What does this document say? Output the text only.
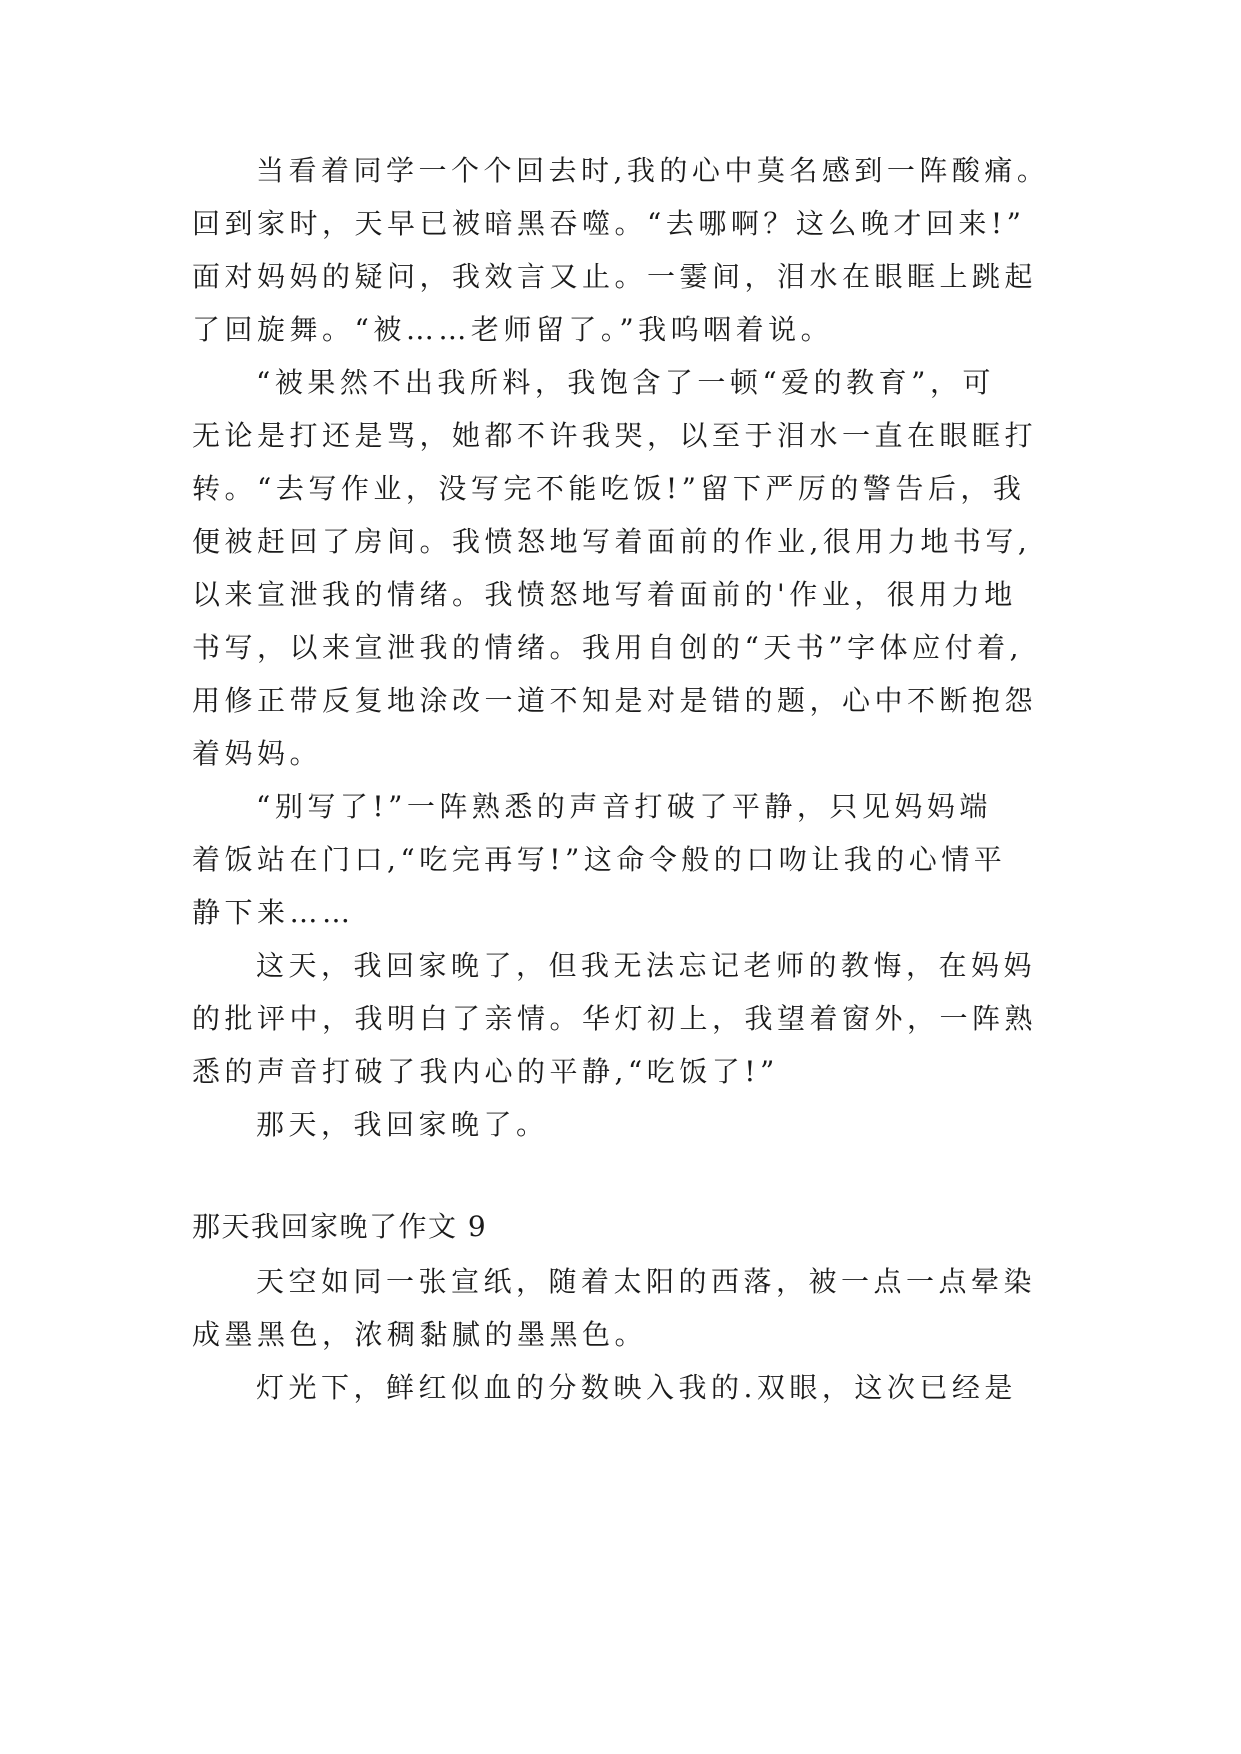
当看着同学一个个回去时,我的心中莫名感到一阵酸痛。

回到家时，天早已被暗黑吞噬。“去哪啊？这么晚才回来!”

面对妈妈的疑问，我效言又止。一霎间，泪水在眼眶上跳起

了回旋舞。“被……老师留了。”我呜咽着说。

“被果然不出我所料，我饱含了一顿“爱的教育”，可

无论是打还是骂，她都不许我哭，以至于泪水一直在眼眶打

转。“去写作业，没写完不能吃饭!”留下严厉的警告后，我

便被赶回了房间。我愤怒地写着面前的作业,很用力地书写,

以来宣泄我的情绪。我愤怒地写着面前的'作业，很用力地

书写，以来宣泄我的情绪。我用自创的“天书”字体应付着,

用修正带反复地涂改一道不知是对是错的题，心中不断抱怨

着妈妈。

“别写了!”一阵熟悉的声音打破了平静，只见妈妈端

着饭站在门口,“吃完再写!”这命令般的口吻让我的心情平

静下来……

这天，我回家晚了，但我无法忘记老师的教悔，在妈妈

的批评中，我明白了亲情。华灯初上，我望着窗外，一阵熟

悉的声音打破了我内心的平静,“吃饭了!”

那天，我回家晚了。

那天我回家晚了作文 9

天空如同一张宣纸，随着太阳的西落，被一点一点晕染

成墨黑色，浓稠黏腻的墨黑色。

灯光下，鲜红似血的分数映入我的.双眼，这次已经是
